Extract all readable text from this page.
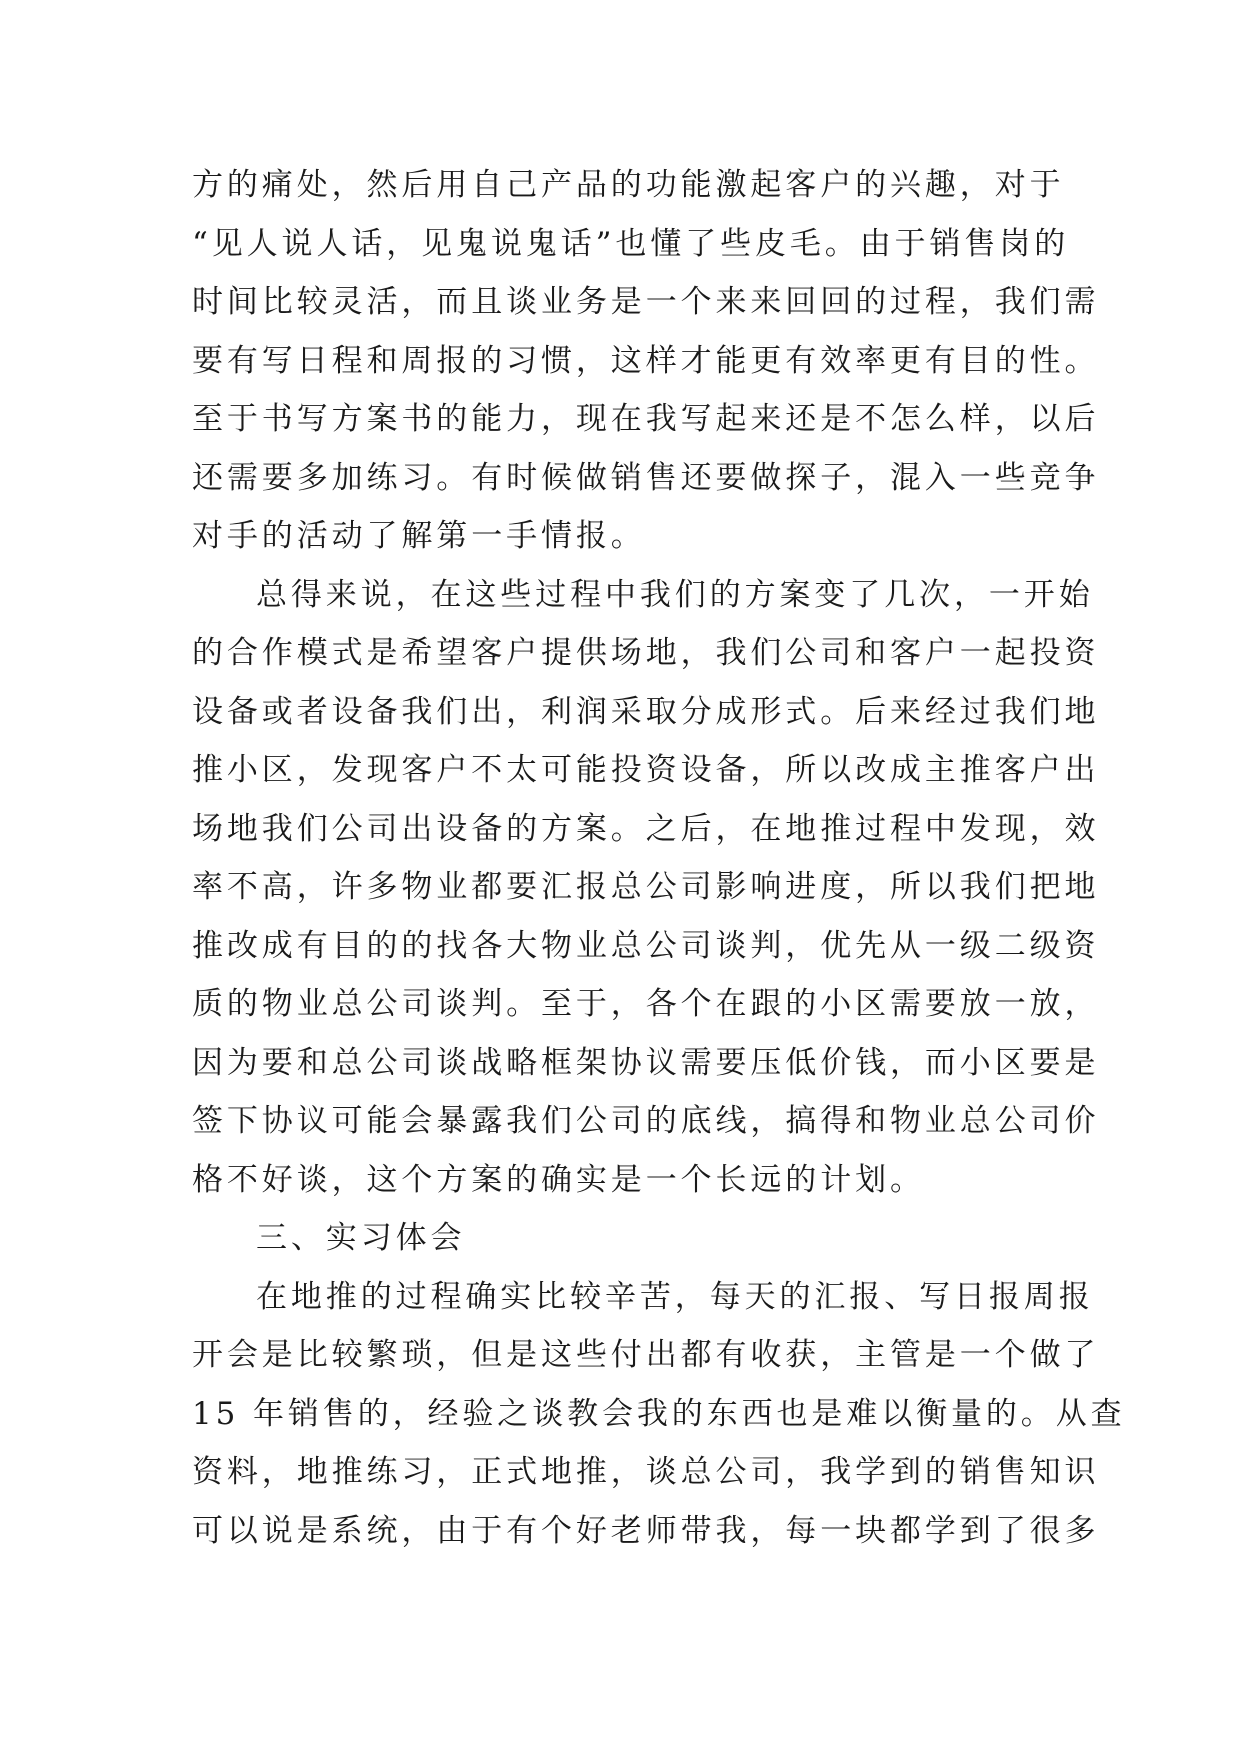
方的痛处，然后用自己产品的功能激起客户的兴趣，对于
“见人说人话，见鬼说鬼话”也懂了些皮毛。由于销售岗的
时间比较灵活，而且谈业务是一个来来回回的过程，我们需
要有写日程和周报的习惯，这样才能更有效率更有目的性。
至于书写方案书的能力，现在我写起来还是不怎么样，以后
还需要多加练习。有时候做销售还要做探子，混入一些竞争
对手的活动了解第一手情报。
总得来说，在这些过程中我们的方案变了几次，一开始
的合作模式是希望客户提供场地，我们公司和客户一起投资
设备或者设备我们出，利润采取分成形式。后来经过我们地
推小区，发现客户不太可能投资设备，所以改成主推客户出
场地我们公司出设备的方案。之后，在地推过程中发现，效
率不高，许多物业都要汇报总公司影响进度，所以我们把地
推改成有目的的找各大物业总公司谈判，优先从一级二级资
质的物业总公司谈判。至于，各个在跟的小区需要放一放，
因为要和总公司谈战略框架协议需要压低价钱，而小区要是
签下协议可能会暴露我们公司的底线，搞得和物业总公司价
格不好谈，这个方案的确实是一个长远的计划。
三、实习体会
在地推的过程确实比较辛苦，每天的汇报、写日报周报
开会是比较繁琐，但是这些付出都有收获，主管是一个做了
15 年销售的，经验之谈教会我的东西也是难以衡量的。从查
资料，地推练习，正式地推，谈总公司，我学到的销售知识
可以说是系统，由于有个好老师带我，每一块都学到了很多
